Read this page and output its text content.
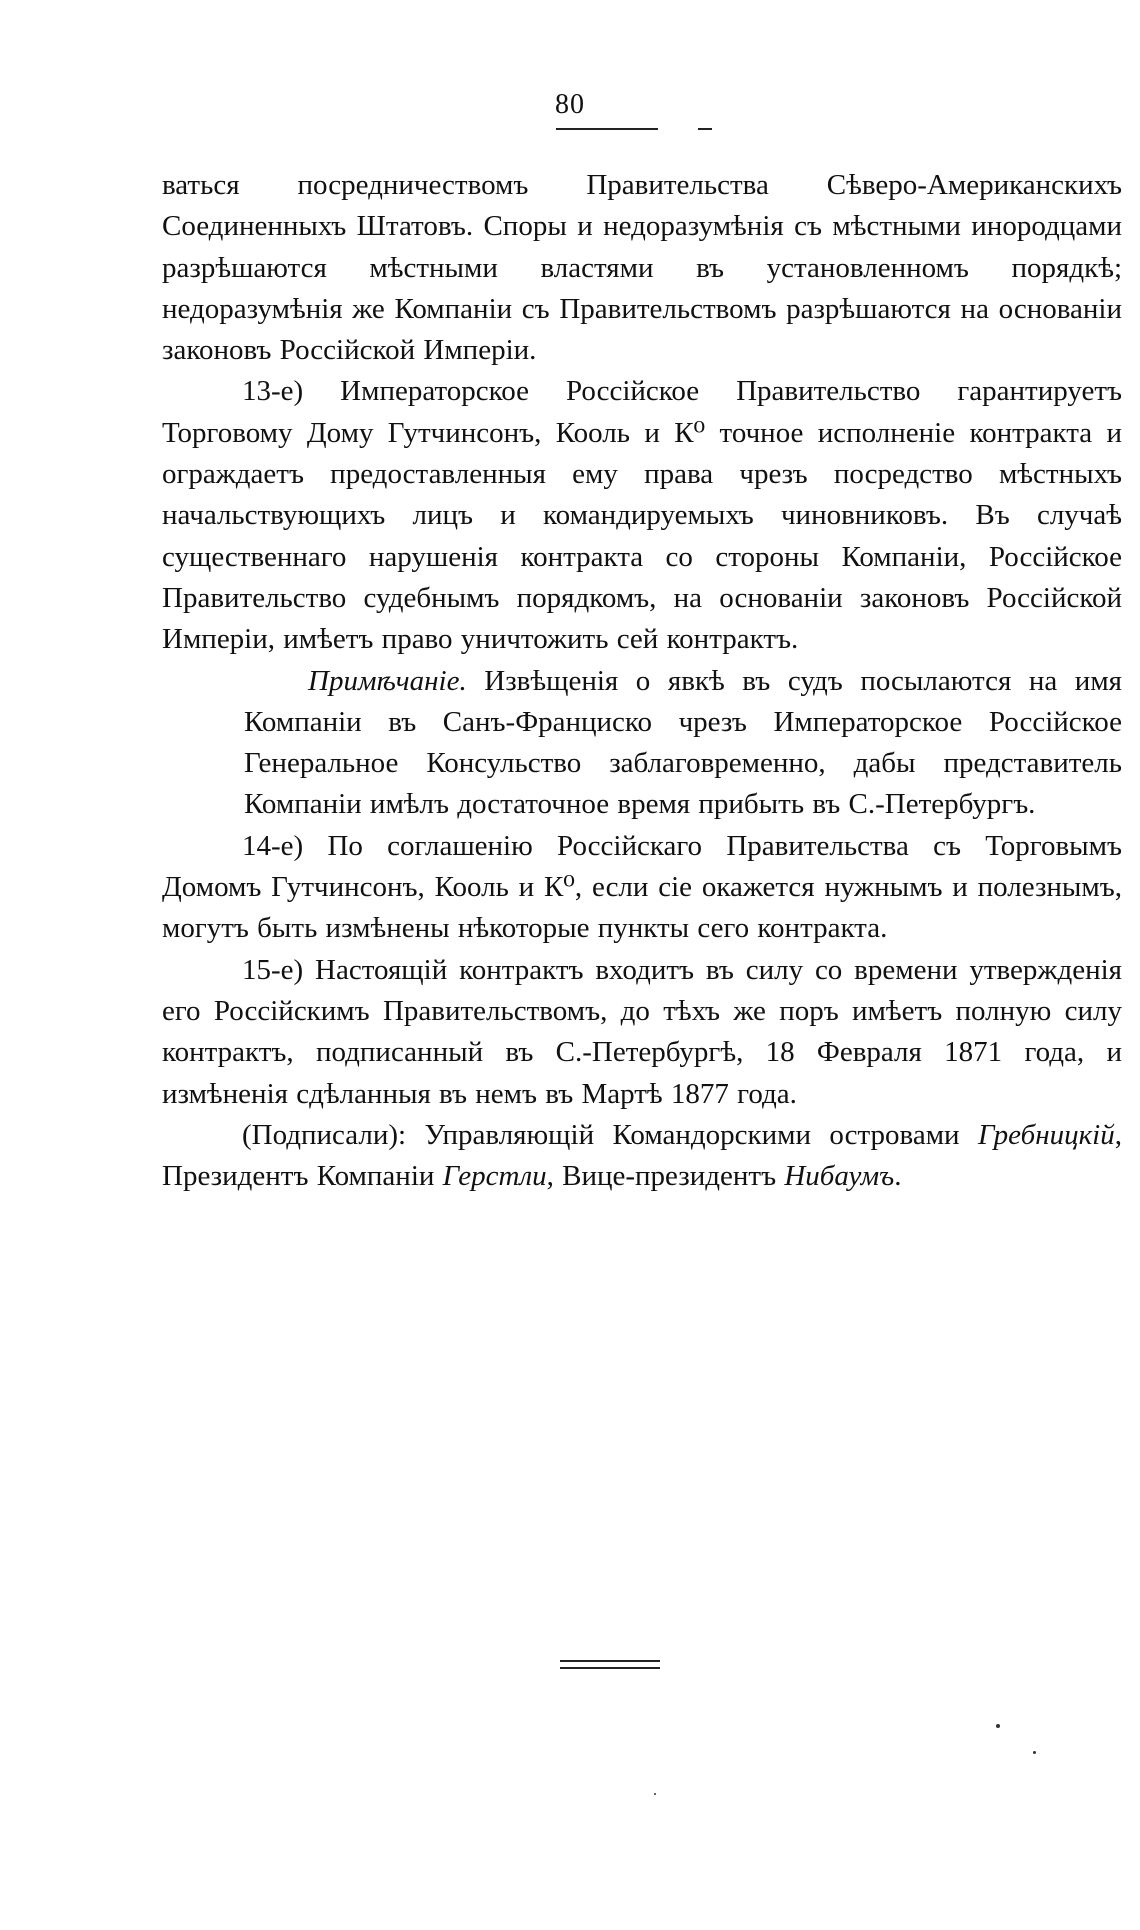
80

ваться посредничествомъ Правительства Сѣверо-Американскихъ Соединенныхъ Штатовъ. Споры и недоразумѣнія съ мѣстными инородцами разрѣшаются мѣстными властями въ установленномъ порядкѣ; недоразумѣнія же Компаніи съ Правительствомъ разрѣшаются на основаніи законовъ Россійской Имперіи.

13-е) Императорское Россійское Правительство гарантируетъ Торговому Дому Гутчинсонъ, Кооль и К⁰ точное исполненіе контракта и ограждаетъ предоставленныя ему права чрезъ посредство мѣстныхъ начальствующихъ лицъ и командируемыхъ чиновниковъ. Въ случаѣ существеннаго нарушенія контракта со стороны Компаніи, Россійское Правительство судебнымъ порядкомъ, на основаніи законовъ Россійской Имперіи, имѣетъ право уничтожить сей контрактъ.

Примѣчаніе. Извѣщенія о явкѣ въ судъ посылаются на имя Компаніи въ Санъ-Франциско чрезъ Императорское Россійское Генеральное Консульство заблаговременно, дабы представитель Компаніи имѣлъ достаточное время прибыть въ С.-Петербургъ.

14-е) По соглашенію Россійскаго Правительства съ Торговымъ Домомъ Гутчинсонъ, Кооль и К⁰, если сіе окажется нужнымъ и полезнымъ, могутъ быть измѣнены нѣкоторые пункты сего контракта.

15-е) Настоящій контрактъ входитъ въ силу со времени утвержденія его Россійскимъ Правительствомъ, до тѣхъ же поръ имѣетъ полную силу контрактъ, подписанный въ С.-Петербургѣ, 18 Февраля 1871 года, и измѣненія сдѣланныя въ немъ въ Мартѣ 1877 года.

(Подписали): Управляющій Командорскими островами Гребницкій, Президентъ Компаніи Герстли, Вице-президентъ Нибаумъ.
